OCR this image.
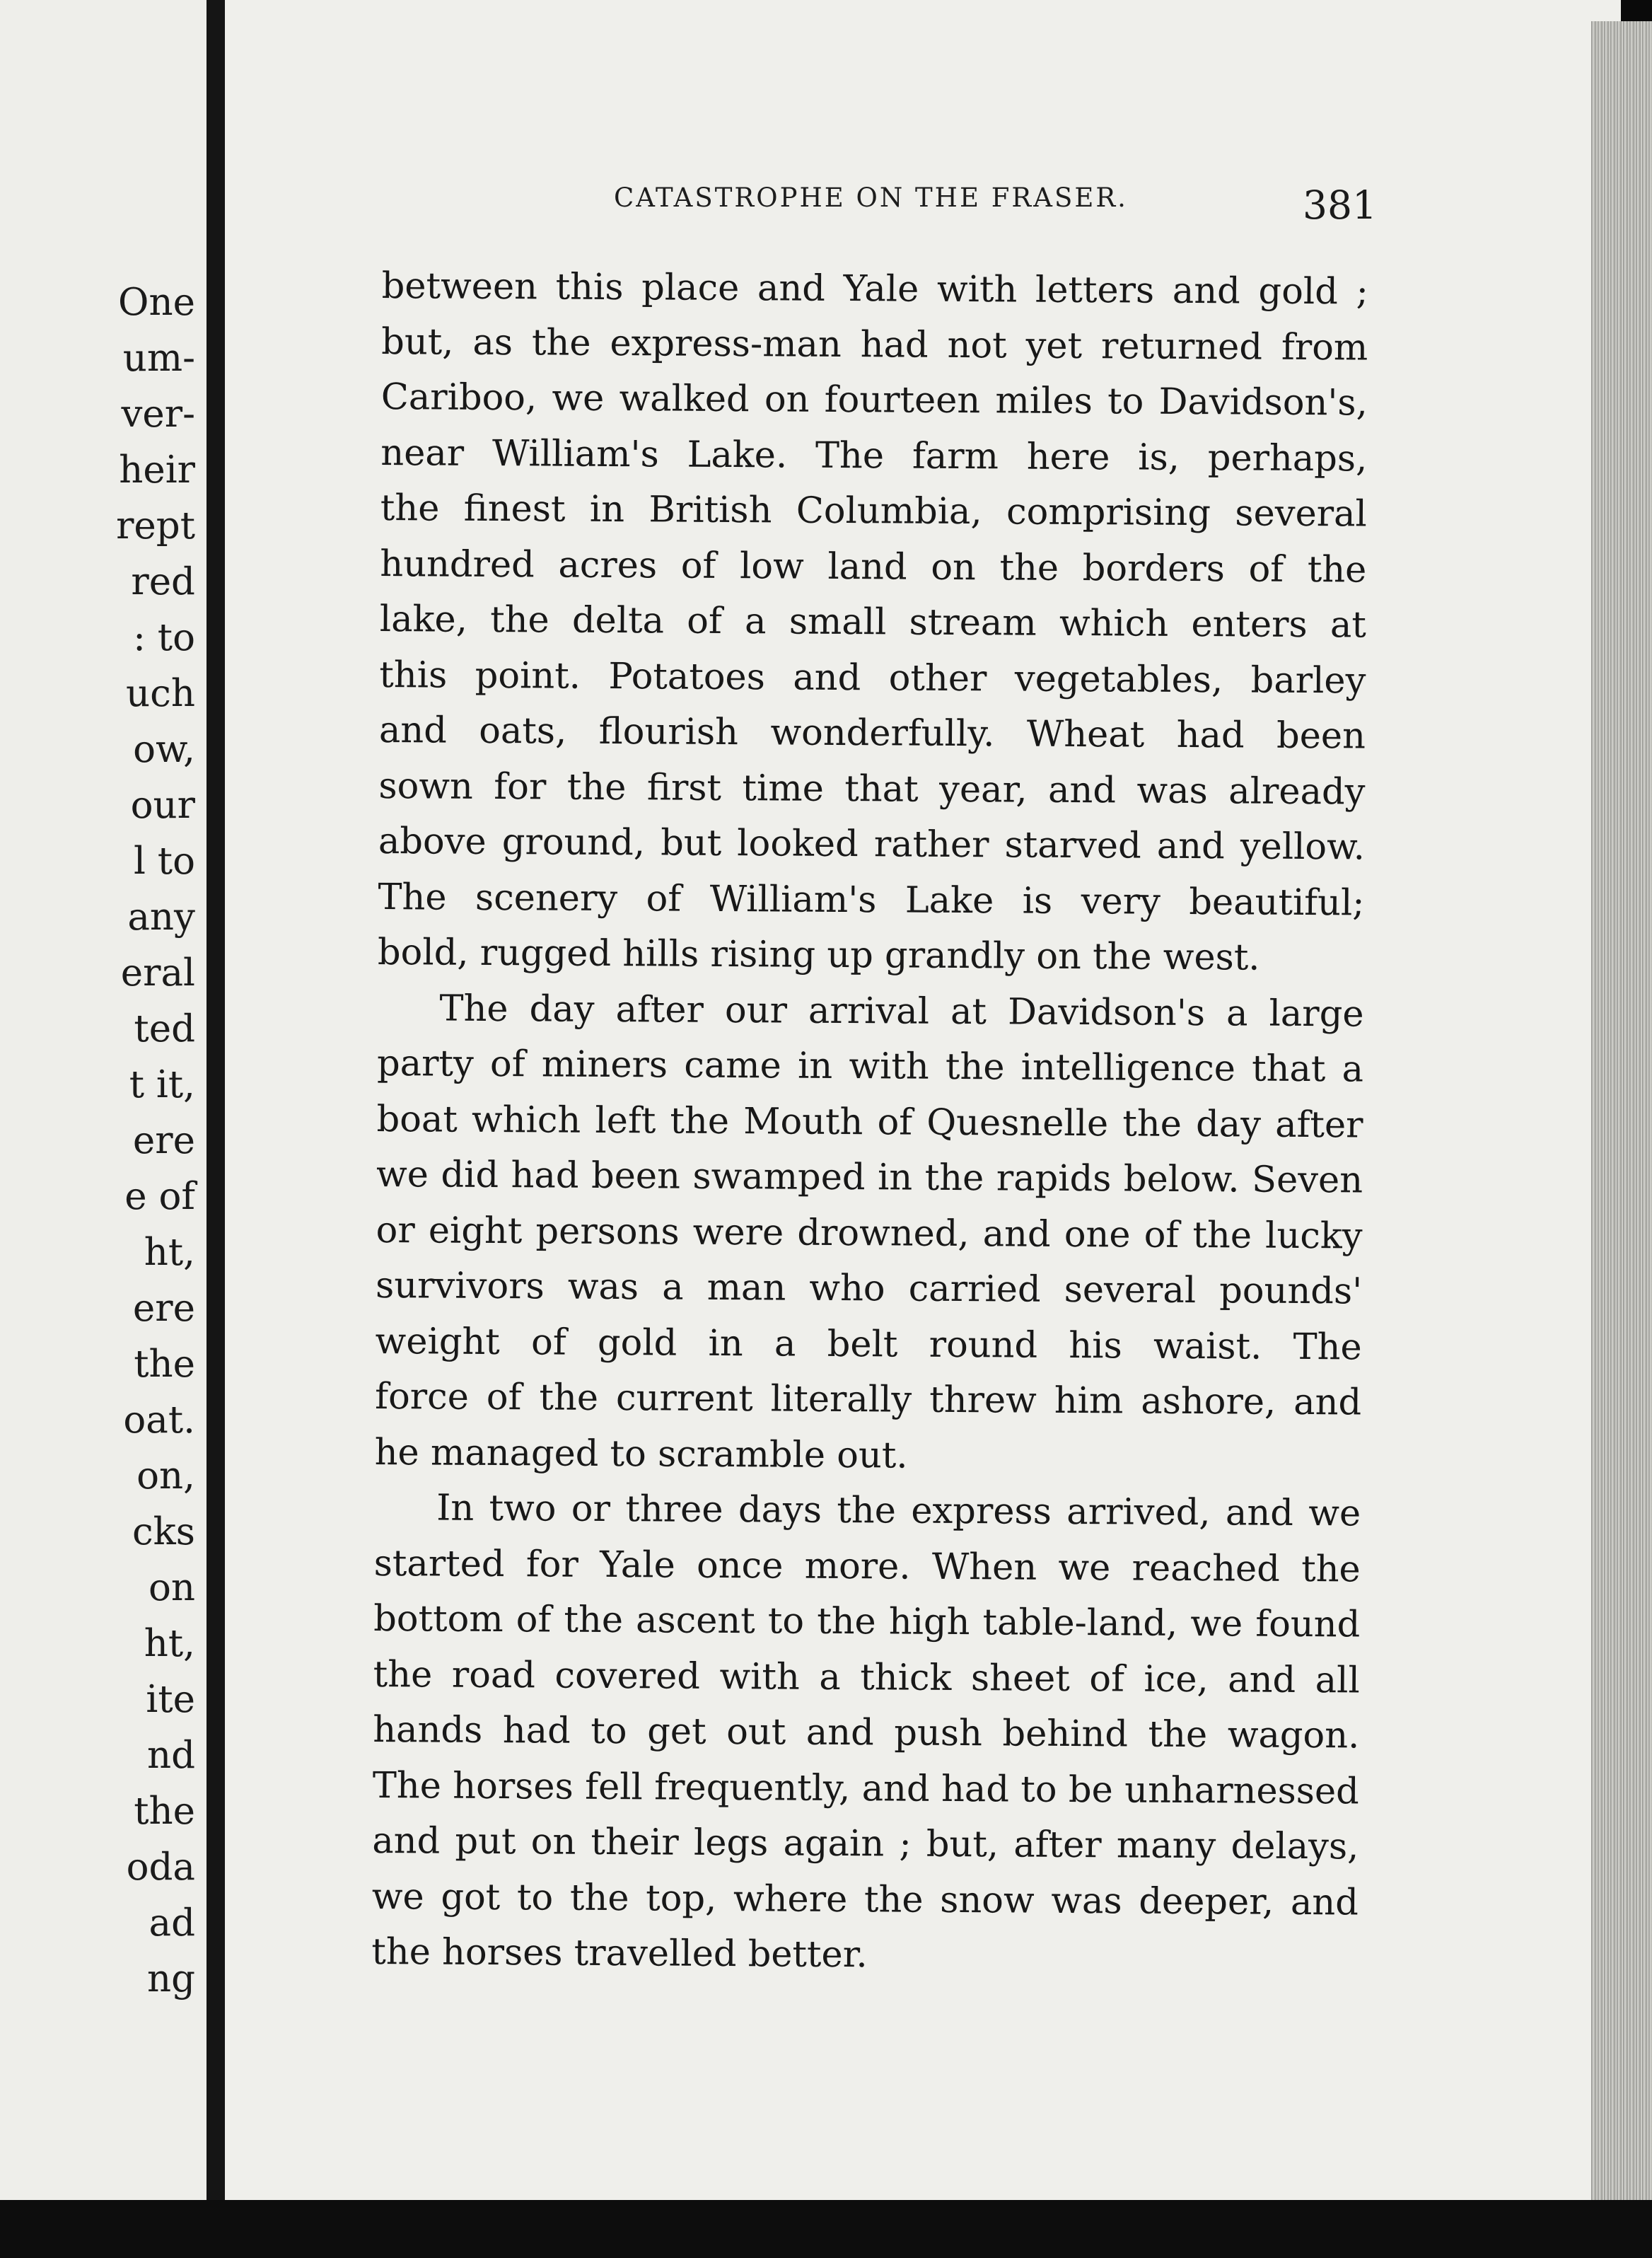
One
um-
ver-
heir
rept
red
: to
uch
ow,
our
l to
any
eral
ted
t it,
ere
e of
ht,
ere
the
oat.
on,
cks
on
ht,
ite
nd
the
oda
ad
ng
CATASTROPHE ON THE FRASER.	381
between this place and Yale with letters and gold ;
but, as the express-man had not yet returned from
Cariboo, we walked on fourteen miles to Davidson's,
near William's Lake. The farm here is, perhaps,
the finest in British Columbia, comprising several
hundred acres of low land on the borders of the
lake, the delta of a small stream which enters at
this point. Potatoes and other vegetables, barley
and oats, flourish wonderfully. Wheat had been
sown for the first time that year, and was already
above ground, but looked rather starved and yellow.
The scenery of William's Lake is very beautiful;
bold, rugged hills rising up grandly on the west.
The day after our arrival at Davidson's a large
party of miners came in with the intelligence that a
boat which left the Mouth of Quesnelle the day after
we did had been swamped in the rapids below. Seven
or eight persons were drowned, and one of the lucky
survivors was a man who carried several pounds'
weight of gold in a belt round his waist. The
force of the current literally threw him ashore, and
he managed to scramble out.
In two or three days the express arrived, and we
started for Yale once more. When we reached the
bottom of the ascent to the high table-land, we found
the road covered with a thick sheet of ice, and all
hands had to get out and push behind the wagon.
The horses fell frequently, and had to be unharnessed
and put on their legs again ; but, after many delays,
we got to the top, where the snow was deeper, and
the horses travelled better.
